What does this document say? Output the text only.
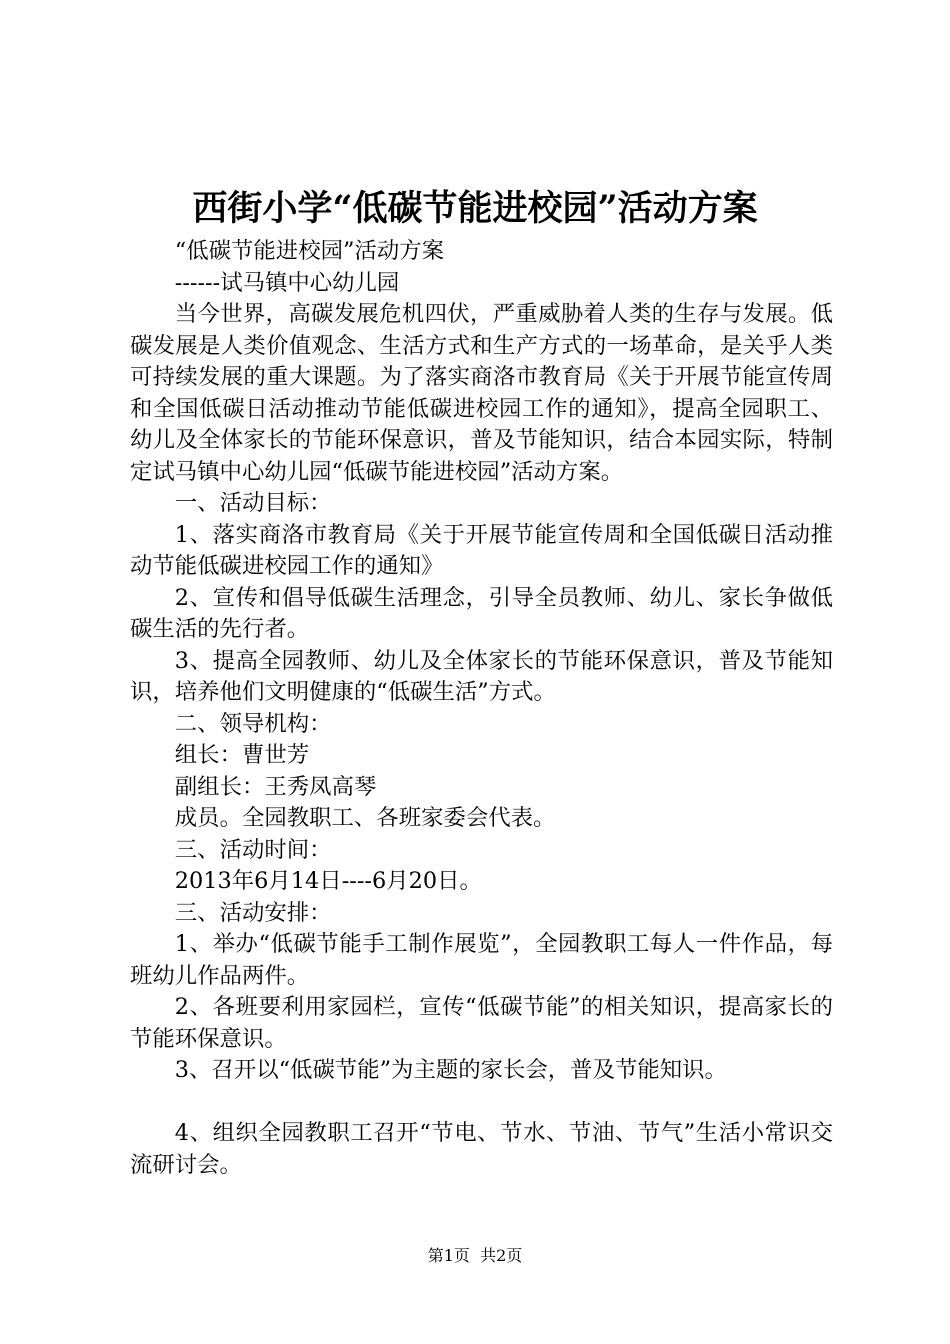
西街小学“低碳节能进校园”活动方案

“低碳节能进校园”活动方案

------试马镇中心幼儿园

当今世界，高碳发展危机四伏，严重威胁着人类的生存与发展。低碳发展是人类价值观念、生活方式和生产方式的一场革命，是关乎人类可持续发展的重大课题。为了落实商洛市教育局《关于开展节能宣传周和全国低碳日活动推动节能低碳进校园工作的通知》，提高全园职工、幼儿及全体家长的节能环保意识，普及节能知识，结合本园实际，特制定试马镇中心幼儿园“低碳节能进校园”活动方案。

一、活动目标：

1、落实商洛市教育局《关于开展节能宣传周和全国低碳日活动推动节能低碳进校园工作的通知》

2、宣传和倡导低碳生活理念，引导全员教师、幼儿、家长争做低碳生活的先行者。

3、提高全园教师、幼儿及全体家长的节能环保意识，普及节能知识，培养他们文明健康的“低碳生活”方式。

二、领导机构：

组长：曹世芳

副组长：王秀凤高琴

成员。全园教职工、各班家委会代表。

三、活动时间：

2013年6月14日----6月20日。

三、活动安排：

1、举办“低碳节能手工制作展览”，全园教职工每人一件作品，每班幼儿作品两件。

2、各班要利用家园栏，宣传“低碳节能”的相关知识，提高家长的节能环保意识。

3、召开以“低碳节能”为主题的家长会，普及节能知识。

4、组织全园教职工召开“节电、节水、节油、节气”生活小常识交流研讨会。

第1页  共2页
